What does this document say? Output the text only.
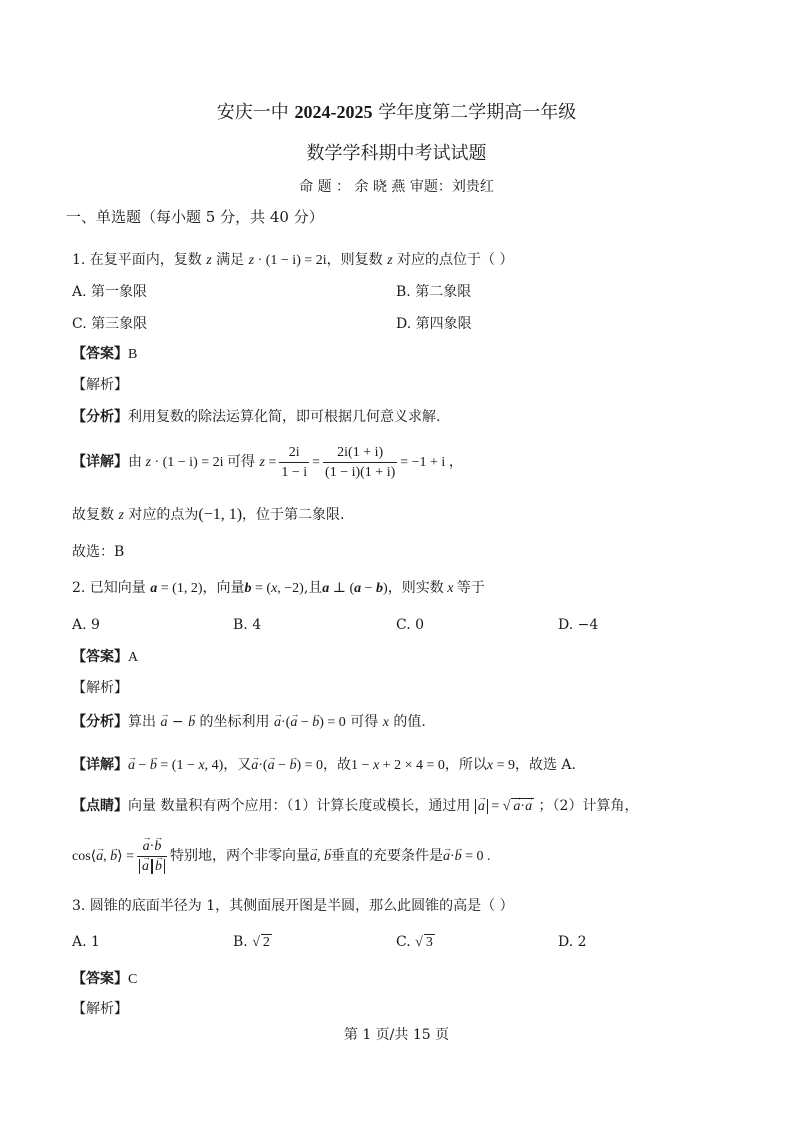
安庆一中 2024-2025 学年度第二学期高一年级
数学学科期中考试试题
命 题 ： 余 晓 燕 审题：刘贵红
一、单选题（每小题 5 分，共 40 分）
1. 在复平面内，复数 z 满足 z · (1 − i) = 2i，则复数 z 对应的点位于（ ）
A. 第一象限	B. 第二象限
C. 第三象限	D. 第四象限
【答案】B
【解析】
【分析】利用复数的除法运算化简，即可根据几何意义求解.
【详解】由 z · (1 − i) = 2i 可得 $z = \frac{2i}{1 - i} = \frac{2i(1 + i)}{(1 - i)(1 + i)} = -1 + i$ ，
故复数 z 对应的点为(−1, 1)，位于第二象限.
故选：B
2. 已知向量 a = (1, 2)，向量b = (x, −2),且a ⊥ (a − b)，则实数 x 等于
A. 9	B. 4	C. 0	D. −4
【答案】A
【解析】
【分析】算出 → a − → b 的坐标利用 → a·(→ a − → b) = 0 可得 x 的值.
【详解】→ a − → b = (1 − x, 4)，又→ a·(→ a − → b) = 0，故1 − x + 2 × 4 = 0，所以x = 9，故选 A.
【点睛】向量 数量积有两个应用：（1）计算长度或模长，通过用 → a = √ → a·→ a ；（2）计算角，
cos⟨→ a, → b⟩ = → a·→ b
→ a → b 特别地，两个非零向量→ a, → b垂直的充要条件是→ a·→ b = 0 .
3. 圆锥的底面半径为 1，其侧面展开图是半圆，那么此圆锥的高是（ ）
A. 1	B. √ 2	C. √ 3	D. 2
【答案】C
【解析】
第 1 页/共 15 页
